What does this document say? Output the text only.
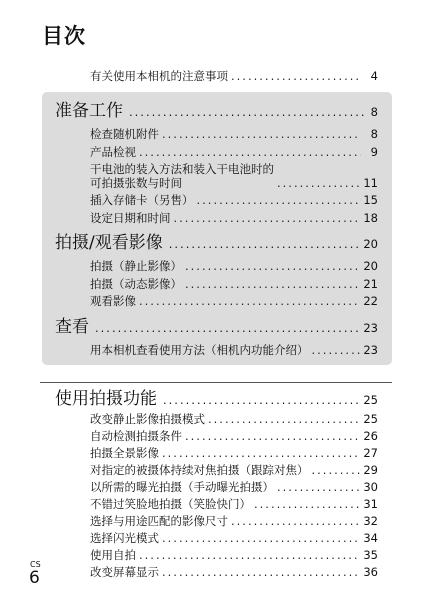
目次
有关使用本相机的注意事项 .....	4
准备工作 .....	8
检查随机附件 .....	8
产品检视 .....	9
干电池的装入方法和装入干电池时的
可拍摄张数与时间 .....	11
插入存储卡（另售） .....	15
设定日期和时间 .....	18
拍摄/观看影像 .....	20
拍摄（静止影像） .....	20
拍摄（动态影像） .....	21
观看影像 .....	22
查看 .....	23
用本相机查看使用方法（相机内功能介绍） .....	23
使用拍摄功能 .....	25
改变静止影像拍摄模式 .....	25
自动检测拍摄条件 .....	26
拍摄全景影像 .....	27
对指定的被摄体持续对焦拍摄（跟踪对焦） .....	29
以所需的曝光拍摄（手动曝光拍摄） .....	30
不错过笑脸地拍摄（笑脸快门） .....	31
选择与用途匹配的影像尺寸 .....	32
选择闪光模式 .....	34
使用自拍 .....	35
改变屏幕显示 .....	36
CS
6
